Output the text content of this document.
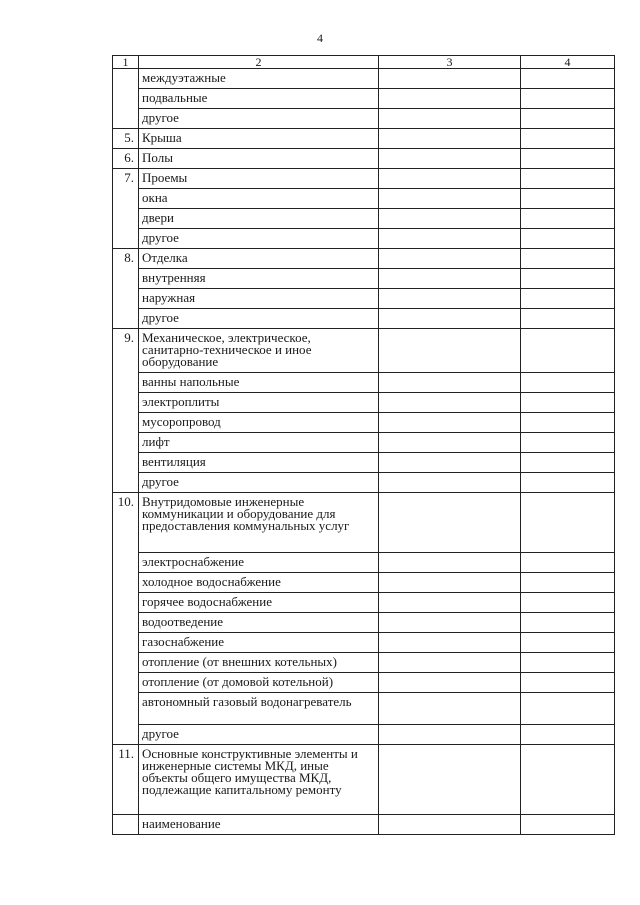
4
1	2	3	4
	междуэтажные		
	подвальные		
	другое		
5.	Крыша		
6.	Полы		
7.	Проемы		
	окна		
	двери		
	другое		
8.	Отделка		
	внутренняя		
	наружная		
	другое		
9.	Механическое, электрическое, санитарно-техническое и иное оборудование		
	ванны напольные		
	электроплиты		
	мусоропровод		
	лифт		
	вентиляция		
	другое		
10.	Внутридомовые инженерные коммуникации и оборудование для предоставления коммунальных услуг		
	электроснабжение		
	холодное водоснабжение		
	горячее водоснабжение		
	водоотведение		
	газоснабжение		
	отопление (от внешних котельных)		
	отопление (от домовой котельной)		
	автономный газовый водонагреватель		
	другое		
11.	Основные конструктивные элементы и инженерные системы МКД, иные объекты общего имущества МКД, подлежащие капитальному ремонту		
	наименование		
